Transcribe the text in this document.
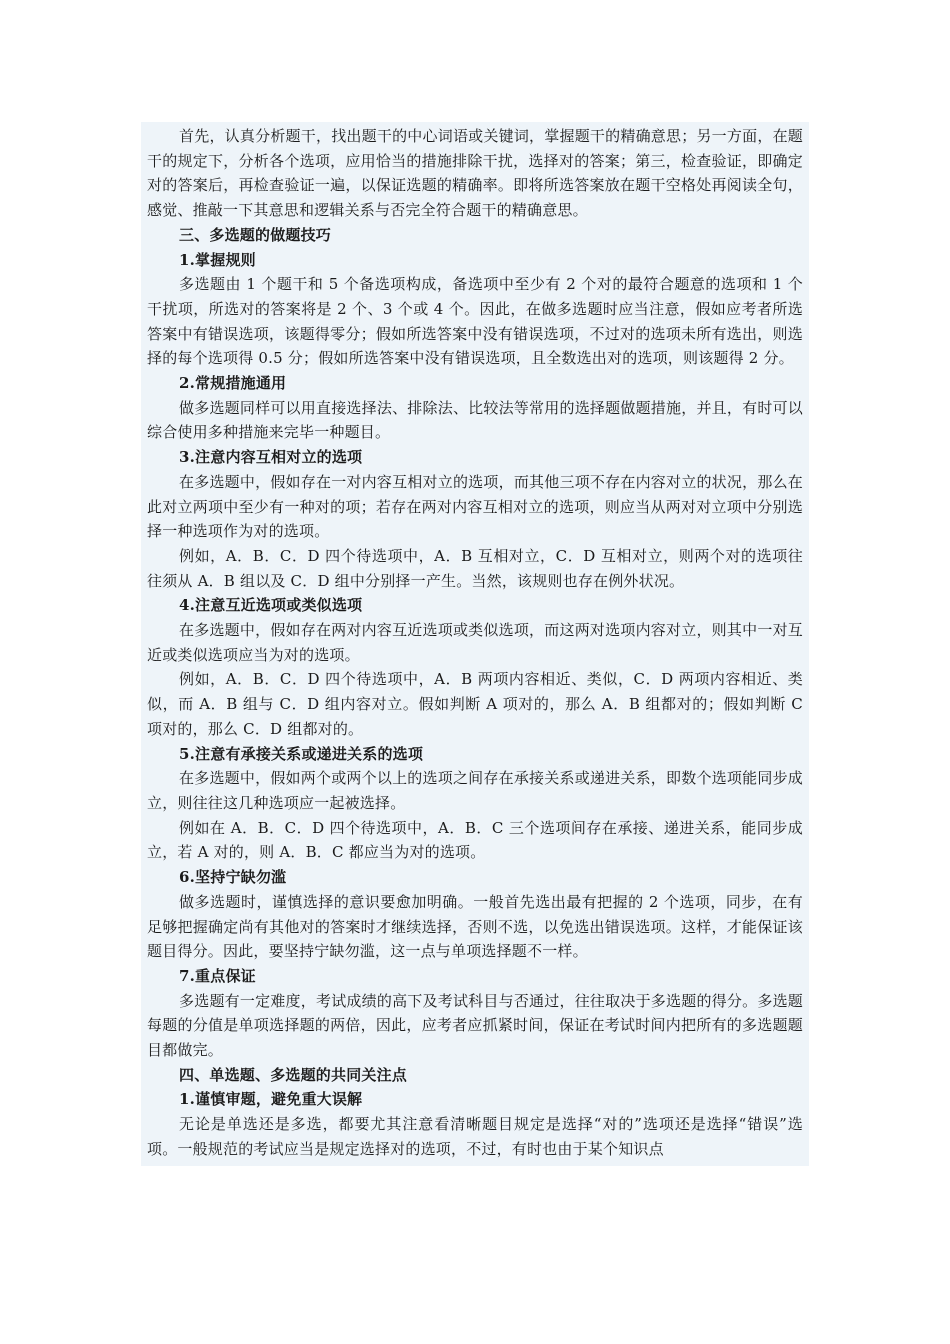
首先，认真分析题干，找出题干的中心词语或关键词，掌握题干的精确意思；另一方面，在题干的规定下，分析各个选项，应用恰当的措施排除干扰，选择对的答案；第三，检查验证，即确定对的答案后，再检查验证一遍，以保证选题的精确率。即将所选答案放在题干空格处再阅读全句，感觉、推敲一下其意思和逻辑关系与否完全符合题干的精确意思。

三、多选题的做题技巧

1.掌握规则

多选题由 1 个题干和 5 个备选项构成，备选项中至少有 2 个对的最符合题意的选项和 1 个干扰项，所选对的答案将是 2 个、3 个或 4 个。因此，在做多选题时应当注意，假如应考者所选答案中有错误选项，该题得零分；假如所选答案中没有错误选项，不过对的选项未所有选出，则选择的每个选项得 0.5 分；假如所选答案中没有错误选项，且全数选出对的选项，则该题得 2 分。

2.常规措施通用

做多选题同样可以用直接选择法、排除法、比较法等常用的选择题做题措施，并且，有时可以综合使用多种措施来完毕一种题目。

3.注意内容互相对立的选项

在多选题中，假如存在一对内容互相对立的选项，而其他三项不存在内容对立的状况，那么在此对立两项中至少有一种对的项；若存在两对内容互相对立的选项，则应当从两对对立项中分别选择一种选项作为对的选项。

例如，A．B．C．D 四个待选项中，A．B 互相对立，C．D 互相对立，则两个对的选项往往须从 A．B 组以及 C．D 组中分别择一产生。当然，该规则也存在例外状况。

4.注意互近选项或类似选项

在多选题中，假如存在两对内容互近选项或类似选项，而这两对选项内容对立，则其中一对互近或类似选项应当为对的选项。

例如，A．B．C．D 四个待选项中，A．B 两项内容相近、类似，C．D 两项内容相近、类似，而 A．B 组与 C．D 组内容对立。假如判断 A 项对的，那么 A．B 组都对的；假如判断 C 项对的，那么 C．D 组都对的。

5.注意有承接关系或递进关系的选项

在多选题中，假如两个或两个以上的选项之间存在承接关系或递进关系，即数个选项能同步成立，则往往这几种选项应一起被选择。

例如在 A．B．C．D 四个待选项中，A．B．C 三个选项间存在承接、递进关系，能同步成立，若 A 对的，则 A．B．C 都应当为对的选项。

6.坚持宁缺勿滥

做多选题时，谨慎选择的意识要愈加明确。一般首先选出最有把握的 2 个选项，同步，在有足够把握确定尚有其他对的答案时才继续选择，否则不选，以免选出错误选项。这样，才能保证该题目得分。因此，要坚持宁缺勿滥，这一点与单项选择题不一样。

7.重点保证

多选题有一定难度，考试成绩的高下及考试科目与否通过，往往取决于多选题的得分。多选题每题的分值是单项选择题的两倍，因此，应考者应抓紧时间，保证在考试时间内把所有的多选题题目都做完。

四、单选题、多选题的共同关注点

1.谨慎审题，避免重大误解

无论是单选还是多选，都要尤其注意看清晰题目规定是选择“对的”选项还是选择“错误”选项。一般规范的考试应当是规定选择对的选项，不过，有时也由于某个知识点
